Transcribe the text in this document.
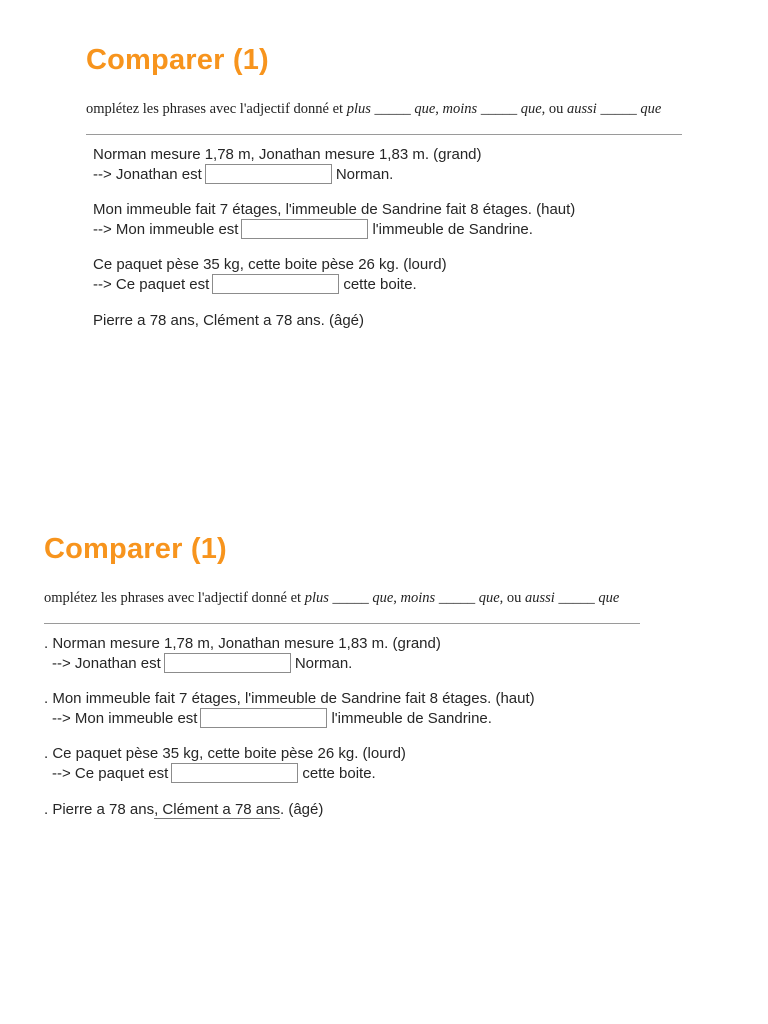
Comparer (1)
omplétez les phrases avec l'adjectif donné et plus _____ que, moins _____ que, ou aussi _____ que
Norman mesure 1,78 m, Jonathan mesure 1,83 m. (grand)
--> Jonathan est	Norman.
Mon immeuble fait 7 étages, l'immeuble de Sandrine fait 8 étages. (haut)
--> Mon immeuble est	l'immeuble de Sandrine.
Ce paquet pèse 35 kg, cette boite pèse 26 kg. (lourd)
--> Ce paquet est	cette boite.
Pierre a 78 ans, Clément a 78 ans. (âgé)
Comparer (1)
omplétez les phrases avec l'adjectif donné et plus _____ que, moins _____ que, ou aussi _____ que
. Norman mesure 1,78 m, Jonathan mesure 1,83 m. (grand)
--> Jonathan est	Norman.
. Mon immeuble fait 7 étages, l'immeuble de Sandrine fait 8 étages. (haut)
--> Mon immeuble est	l'immeuble de Sandrine.
. Ce paquet pèse 35 kg, cette boite pèse 26 kg. (lourd)
--> Ce paquet est	cette boite.
. Pierre a 78 ans, Clément a 78 ans. (âgé)
